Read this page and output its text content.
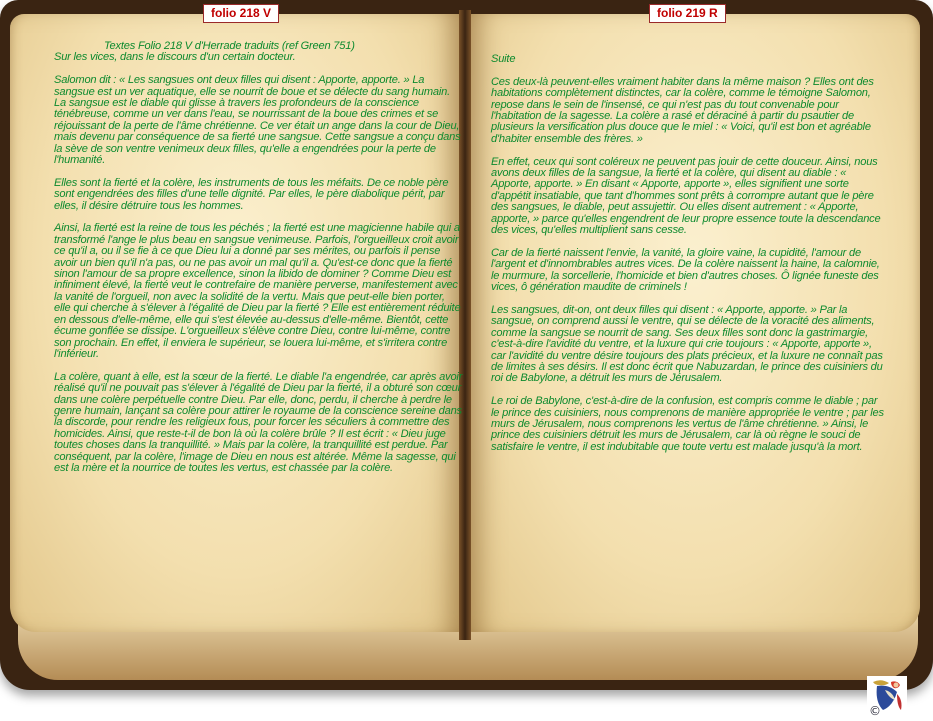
folio 218 V	folio 219 R

Textes Folio 218 V d'Herrade traduits (ref Green 751)

Sur les vices, dans le discours d'un certain docteur.

Salomon dit : « Les sangsues ont deux filles qui disent : Apporte, apporte. » La sangsue est un ver aquatique, elle se nourrit de boue et se délecte du sang humain. La sangsue est le diable qui glisse à travers les profondeurs de la conscience ténébreuse, comme un ver dans l'eau, se nourrissant de la boue des crimes et se réjouissant de la perte de l'âme chrétienne. Ce ver était un ange dans la cour de Dieu, mais devenu par conséquence de sa fierté une sangsue. Cette sangsue a conçu dans la sève de son ventre venimeux deux filles, qu'elle a engendrées pour la perte de l'humanité.

Elles sont la fierté et la colère, les instruments de tous les méfaits. De ce noble père sont engendrées des filles d'une telle dignité. Par elles, le père diabolique périt, par elles, il désire détruire tous les hommes.

Ainsi, la fierté est la reine de tous les péchés ; la fierté est une magicienne habile qui a transformé l'ange le plus beau en sangsue venimeuse. Parfois, l'orgueilleux croit avoir ce qu'il a, ou il se fie à ce que Dieu lui a donné par ses mérites, ou parfois il pense avoir un bien qu'il n'a pas, ou ne pas avoir un mal qu'il a. Qu'est-ce donc que la fierté sinon l'amour de sa propre excellence, sinon la libido de dominer ? Comme Dieu est infiniment élevé, la fierté veut le contrefaire de manière perverse, manifestement avec la vanité de l'orgueil, non avec la solidité de la vertu. Mais que peut-elle bien porter, elle qui cherche à s'élever à l'égalité de Dieu par la fierté ? Elle est entièrement réduite en dessous d'elle-même, elle qui s'est élevée au-dessus d'elle-même. Bientôt, cette écume gonflée se dissipe. L'orgueilleux s'élève contre Dieu, contre lui-même, contre son prochain. En effet, il enviera le supérieur, se louera lui-même, et s'irritera contre l'inférieur.

La colère, quant à elle, est la sœur de la fierté. Le diable l'a engendrée, car après avoir réalisé qu'il ne pouvait pas s'élever à l'égalité de Dieu par la fierté, il a obturé son cœur dans une colère perpétuelle contre Dieu. Par elle, donc, perdu, il cherche à perdre le genre humain, lançant sa colère pour attirer le royaume de la conscience sereine dans la discorde, pour rendre les religieux fous, pour forcer les séculiers à commettre des homicides. Ainsi, que reste-t-il de bon là où la colère brûle ? Il est écrit : « Dieu juge toutes choses dans la tranquillité. » Mais par la colère, la tranquillité est perdue. Par conséquent, par la colère, l'image de Dieu en nous est altérée. Même la sagesse, qui est la mère et la nourrice de toutes les vertus, est chassée par la colère.

Suite

Ces deux-là peuvent-elles vraiment habiter dans la même maison ? Elles ont des habitations complètement distinctes, car la colère, comme le témoigne Salomon, repose dans le sein de l'insensé, ce qui n'est pas du tout convenable pour l'habitation de la sagesse. La colère a rasé et déraciné à partir du psautier de plusieurs la versification plus douce que le miel : « Voici, qu'il est bon et agréable d'habiter ensemble des frères. »

En effet, ceux qui sont coléreux ne peuvent pas jouir de cette douceur. Ainsi, nous avons deux filles de la sangsue, la fierté et la colère, qui disent au diable : « Apporte, apporte. » En disant « Apporte, apporte », elles signifient une sorte d'appétit insatiable, que tant d'hommes sont prêts à corrompre autant que le père des sangsues, le diable, peut assujettir. Ou elles disent autrement : « Apporte, apporte, » parce qu'elles engendrent de leur propre essence toute la descendance des vices, qu'elles multiplient sans cesse.

Car de la fierté naissent l'envie, la vanité, la gloire vaine, la cupidité, l'amour de l'argent et d'innombrables autres vices. De la colère naissent la haine, la calomnie, le murmure, la sorcellerie, l'homicide et bien d'autres choses. Ô lignée funeste des vices, ô génération maudite de criminels !

Les sangsues, dit-on, ont deux filles qui disent : « Apporte, apporte. » Par la sangsue, on comprend aussi le ventre, qui se délecte de la voracité des aliments, comme la sangsue se nourrit de sang. Ses deux filles sont donc la gastrimargie, c'est-à-dire l'avidité du ventre, et la luxure qui crie toujours : « Apporte, apporte », car l'avidité du ventre désire toujours des plats précieux, et la luxure ne connaît pas de limites à ses désirs. Il est donc écrit que Nabuzardan, le prince des cuisiniers du roi de Babylone, a détruit les murs de Jérusalem.

Le roi de Babylone, c'est-à-dire de la confusion, est compris comme le diable ; par le prince des cuisiniers, nous comprenons de manière appropriée le ventre ; par les murs de Jérusalem, nous comprenons les vertus de l'âme chrétienne. » Ainsi, le prince des cuisiniers détruit les murs de Jérusalem, car là où règne le souci de satisfaire le ventre, il est indubitable que toute vertu est malade jusqu'à la mort.

©
